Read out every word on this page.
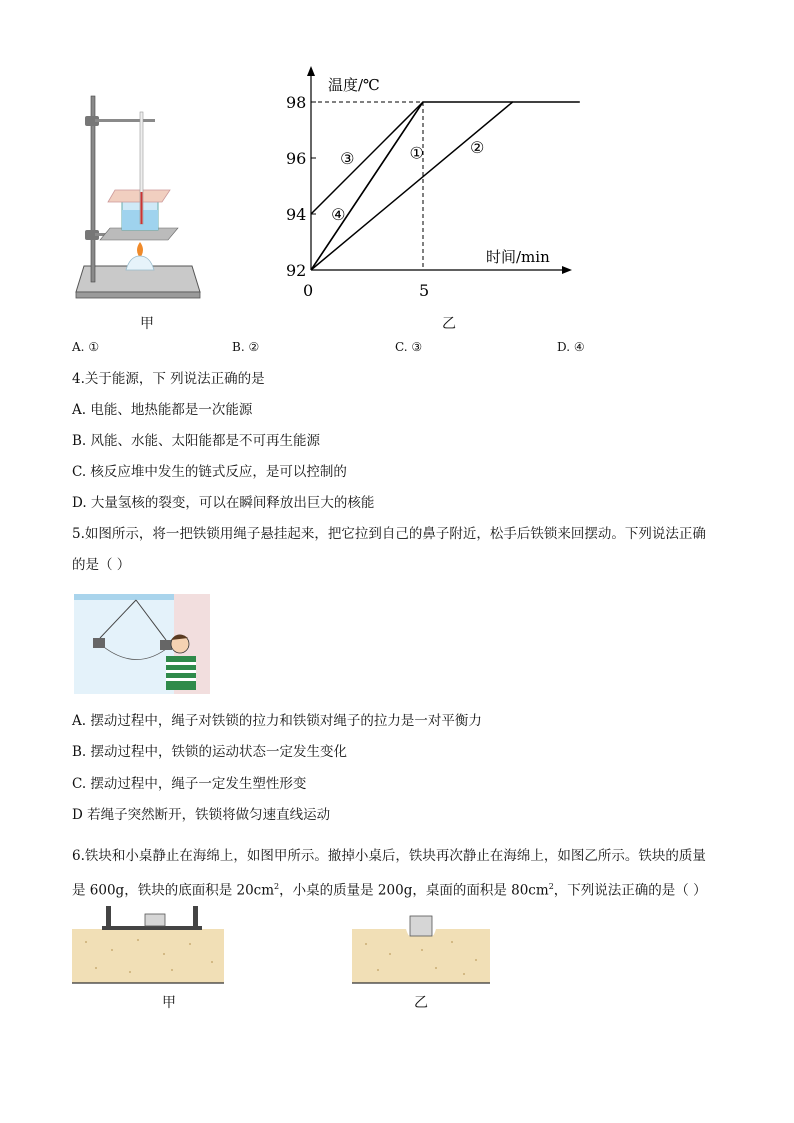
甲
92
94
96
98
0	5
①	②
③
④
温度/℃
时间/min
乙
A. ①	B. ②	C. ③	D. ④
4.关于能源，下 列说法正确的是
A. 电能、地热能都是一次能源
B. 风能、水能、太阳能都是不可再生能源
C. 核反应堆中发生的链式反应，是可以控制的
D. 大量氢核的裂变，可以在瞬间释放出巨大的核能
5.如图所示，将一把铁锁用绳子悬挂起来，把它拉到自己的鼻子附近，松手后铁锁来回摆动。下列说法正确
的是（ ）
A. 摆动过程中，绳子对铁锁的拉力和铁锁对绳子的拉力是一对平衡力
B. 摆动过程中，铁锁的运动状态一定发生变化
C. 摆动过程中，绳子一定发生塑性形变
D 若绳子突然断开，铁锁将做匀速直线运动
6.铁块和小桌静止在海绵上，如图甲所示。撤掉小桌后，铁块再次静止在海绵上，如图乙所示。铁块的质量
是 600g，铁块的底面积是 $20cm^2$，小桌的质量是 200g，桌面的面积是 $80cm^2$，下列说法正确的是（ ）
甲	乙
